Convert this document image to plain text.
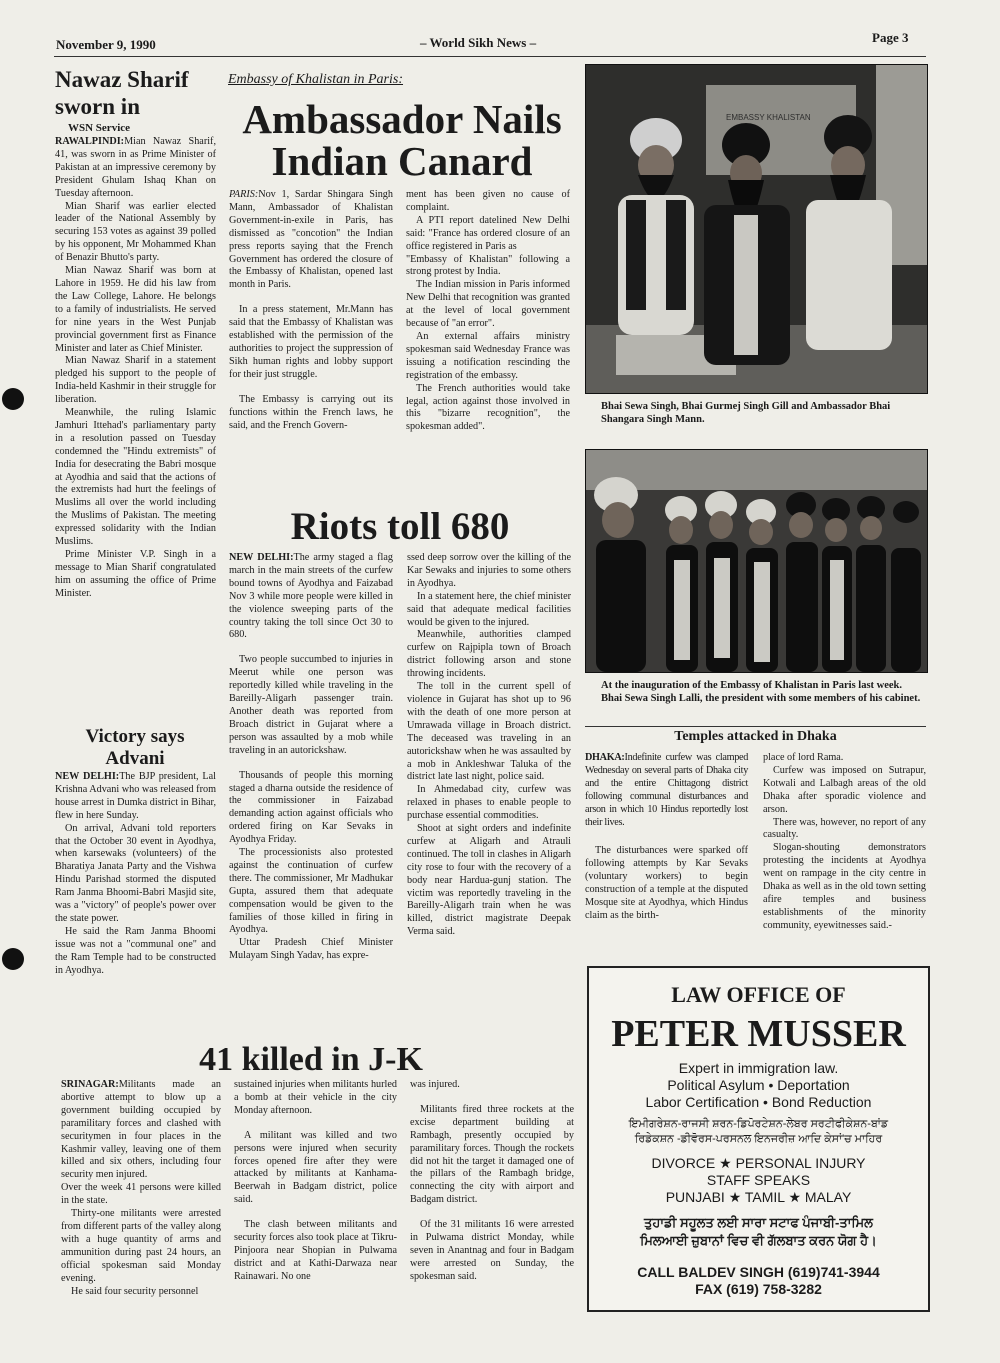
November 9, 1990	– World Sikh News –	Page 3
Nawaz Sharif sworn in
WSN Service

RAWALPINDI:Mian Nawaz Sharif, 41, was sworn in as Prime Minister of Pakistan at an impressive ceremony by President Ghulam Ishaq Khan on Tuesday afternoon.

Mian Sharif was earlier elected leader of the National Assembly by securing 153 votes as against 39 polled by his opponent, Mr Mohammed Khan of Benazir Bhutto's party.

Mian Nawaz Sharif was born at Lahore in 1959. He did his law from the Law College, Lahore. He belongs to a family of industrialists. He served for nine years in the West Punjab provincial government first as Finance Minister and later as Chief Minister.

Mian Nawaz Sharif in a statement pledged his support to the people of India-held Kashmir in their struggle for liberation.

Meanwhile, the ruling Islamic Jamhuri Ittehad's parliamentary party in a resolution passed on Tuesday condemned the "Hindu extremists" of India for desecrating the Babri mosque at Ayodhia and said that the actions of the extremists had hurt the feelings of Muslims all over the world including the Muslims of Pakistan. The meeting expressed solidarity with the Indian Muslims.

Prime Minister V.P. Singh in a message to Mian Sharif congratulated him on assuming the office of Prime Minister.

Victory says Advani

NEW DELHI:The BJP president, Lal Krishna Advani who was released from house arrest in Dumka district in Bihar, flew in here Sunday.

On arrival, Advani told reporters that the October 30 event in Ayodhya, when karsewaks (volunteers) of the Bharatiya Janata Party and the Vishwa Hindu Parishad stormed the disputed Ram Janma Bhoomi-Babri Masjid site, was a "victory" of people's power over the state power.

He said the Ram Janma Bhoomi issue was not a "communal one" and the Ram Temple had to be constructed in Ayodhya.

Embassy of Khalistan in Paris:
Ambassador Nails Indian Canard

PARIS:Nov 1, Sardar Shingara Singh Mann, Ambassador of Khalistan Government-in-exile in Paris, has dismissed as "concotion" the Indian press reports saying that the French Government has ordered the closure of the Embassy of Khalistan, opened last month in Paris.

In a press statement, Mr.Mann has said that the Embassy of Khalistan was established with the permission of the authorities to project the suppression of Sikh human rights and lobby support for their just struggle.

The Embassy is carrying out its functions within the French laws, he said, and the French Govern-

ment has been given no cause of complaint.

A PTI report datelined New Delhi said: "France has ordered closure of an office registered in Paris as

"Embassy of Khalistan" following a strong protest by India.

The Indian mission in Paris informed New Delhi that recognition was granted at the level of local government because of "an error".

An external affairs ministry spokesman said Wednesday France was issuing a notification rescinding the registration of the embassy.

The French authorities would take legal, action against those involved in this "bizarre recognition", the spokesman added".

Riots toll 680

NEW DELHI:The army staged a flag march in the main streets of the curfew bound towns of Ayodhya and Faizabad Nov 3 while more people were killed in the violence sweeping parts of the country taking the toll since Oct 30 to 680.

Two people succumbed to injuries in Meerut while one person was reportedly killed while traveling in the Bareilly-Aligarh passenger train. Another death was reported from Broach district in Gujarat where a person was assaulted by a mob while traveling in an autorickshaw.

Thousands of people this morning staged a dharna outside the residence of the commissioner in Faizabad demanding action against officials who ordered firing on Kar Sevaks in Ayodhya Friday.

The processionists also protested against the continuation of curfew there. The commissioner, Mr Madhukar Gupta, assured them that adequate compensation would be given to the families of those killed in firing in Ayodhya.

Uttar Pradesh Chief Minister Mulayam Singh Yadav, has expre-

ssed deep sorrow over the killing of the Kar Sewaks and injuries to some others in Ayodhya.

In a statement here, the chief minister said that adequate medical facilities would be given to the injured.

Meanwhile, authorities clamped curfew on Rajpipla town of Broach district following arson and stone throwing incidents.

The toll in the current spell of violence in Gujarat has shot up to 96 with the death of one more person at Umrawada village in Broach district. The deceased was traveling in an autorickshaw when he was assaulted by a mob in Ankleshwar Taluka of the district late last night, police said.

In Ahmedabad city, curfew was relaxed in phases to enable people to purchase essential commodities.

Shoot at sight orders and indefinite curfew at Aligarh and Atrauli continued. The toll in clashes in Aligarh city rose to four with the recovery of a body near Hardua-gunj station. The victim was reportedly traveling in the Bareilly-Aligarh train when he was killed, district magistrate Deepak Verma said.

41 killed in J-K

SRINAGAR:Militants made an abortive attempt to blow up a government building occupied by paramilitary forces and clashed with securitymen in four places in the Kashmir valley, leaving one of them killed and six others, including four security men injured.

Over the week 41 persons were killed in the state.

Thirty-one militants were arrested from different parts of the valley along with a huge quantity of arms and ammunition during past 24 hours, an official spokesman said Monday evening.

He said four security personnel

sustained injuries when militants hurled a bomb at their vehicle in the city Monday afternoon.

A militant was killed and two persons were injured when security forces opened fire after they were attacked by militants at Kanhama-Beerwah in Badgam district, police said.

The clash between militants and security forces also took place at Tikru-Pinjoora near Shopian in Pulwama district and at Kathi-Darwaza near Rainawari. No one

was injured.

Militants fired three rockets at the excise department building at Rambagh, presently occupied by paramilitary forces. Though the rockets did not hit the target it damaged one of the pillars of the Rambagh bridge, connecting the city with airport and Badgam district.

Of the 31 militants 16 were arrested in Pulwama district Monday, while seven in Anantnag and four in Badgam were arrested on Sunday, the spokesman said.

EMBASSY KHALISTAN
Bhai Sewa Singh, Bhai Gurmej Singh Gill and Ambassador Bhai Shangara Singh Mann.
At the inauguration of the Embassy of Khalistan in Paris last week. Bhai Sewa Singh Lalli, the president with some members of his cabinet.
Temples attacked in Dhaka

DHAKA:Indefinite curfew was clamped Wednesday on several parts of Dhaka city and the entire Chittagong district following communal disturbances and arson in which 10 Hindus reportedly lost their lives.

The disturbances were sparked off following attempts by Kar Sevaks (voluntary workers) to begin construction of a temple at the disputed Mosque site at Ayodhya, which Hindus claim as the birth-

place of lord Rama.

Curfew was imposed on Sutrapur, Kotwali and Lalbagh areas of the old Dhaka after sporadic violence and arson.

There was, however, no report of any casualty.

Slogan-shouting demonstrators protesting the incidents at Ayodhya went on rampage in the city centre in Dhaka as well as in the old town setting afire temples and business establishments of the minority community, eyewitnesses said.-

LAW OFFICE OF
PETER MUSSER
Expert in immigration law.
Political Asylum • Deportation
Labor Certification • Bond Reduction
ਇਮੀਗਰੇਸ਼ਨ-ਰਾਜਸੀ ਸ਼ਰਨ-ਡਿਪੋਰਟੇਸ਼ਨ-ਲੇਬਰ ਸਰਟੀਫੀਕੇਸ਼ਨ-ਬਾਂਡ
ਰਿਡੇਕਸ਼ਨ -ਡੀਵੋਰਸ-ਪਰਸਨਲ ਇਨਜਰੀਜ਼ ਆਦਿ ਕੇਸਾਂ'ਚ ਮਾਹਿਰ
DIVORCE ★ PERSONAL INJURY
STAFF SPEAKS
PUNJABI ★ TAMIL ★ MALAY
ਤੁਹਾਡੀ ਸਹੂਲਤ ਲਈ ਸਾਰਾ ਸਟਾਫ ਪੰਜਾਬੀ-ਤਾਮਿਲ
ਮਿਲਆਈ ਜ਼ੁਬਾਨਾਂ ਵਿਚ ਵੀ ਗੱਲਬਾਤ ਕਰਨ ਯੋਗ ਹੈ।
CALL BALDEV SINGH (619)741-3944
FAX (619) 758-3282
